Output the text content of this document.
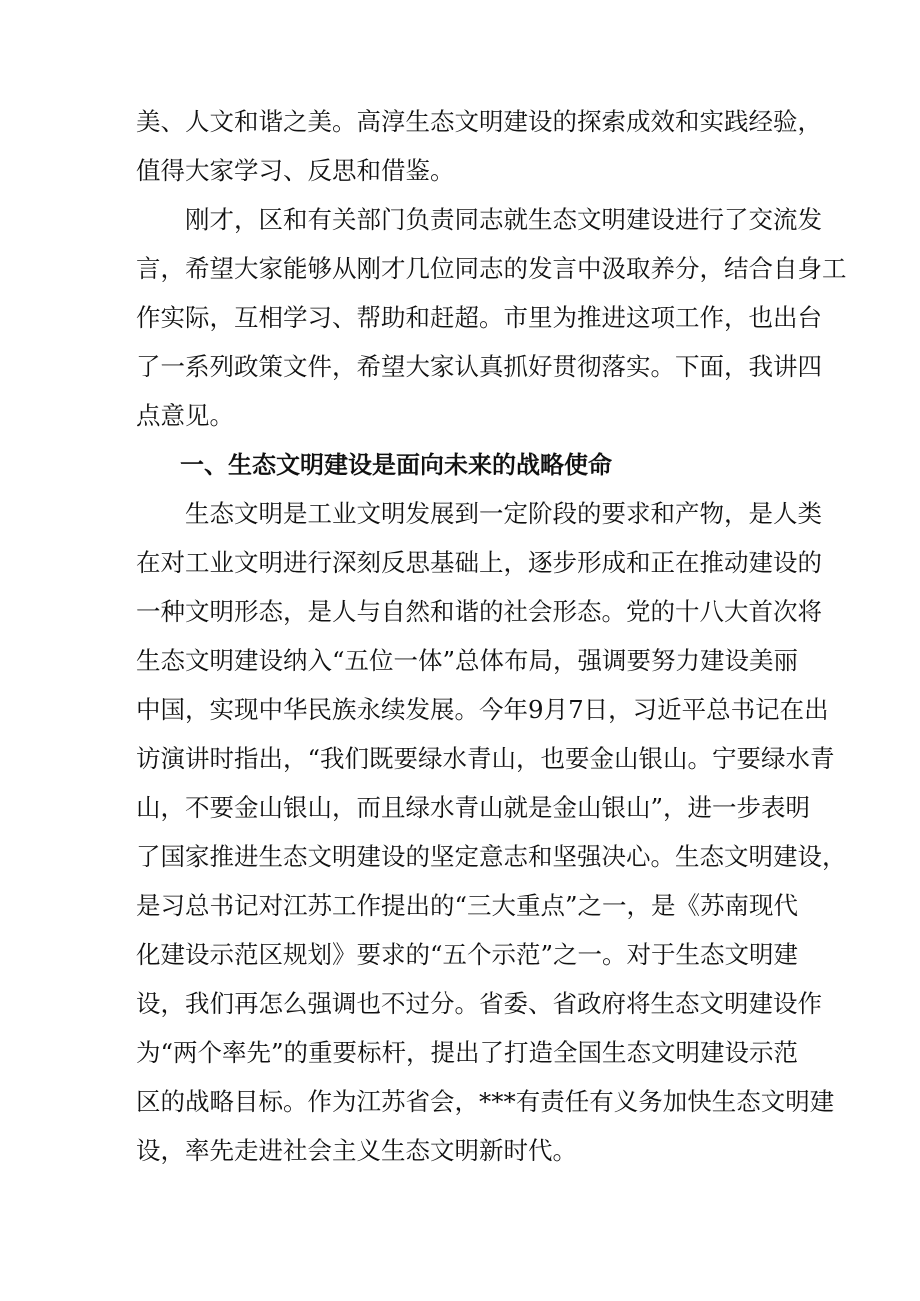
美、人文和谐之美。高淳生态文明建设的探索成效和实践经验，
值得大家学习、反思和借鉴。
　　刚才，区和有关部门负责同志就生态文明建设进行了交流发
言，希望大家能够从刚才几位同志的发言中汲取养分，结合自身工
作实际，互相学习、帮助和赶超。市里为推进这项工作，也出台
了一系列政策文件，希望大家认真抓好贯彻落实。下面，我讲四
点意见。
一、生态文明建设是面向未来的战略使命
　　生态文明是工业文明发展到一定阶段的要求和产物，是人类
在对工业文明进行深刻反思基础上，逐步形成和正在推动建设的
一种文明形态，是人与自然和谐的社会形态。党的十八大首次将
生态文明建设纳入“五位一体”总体布局，强调要努力建设美丽
中国，实现中华民族永续发展。今年9月7日，习近平总书记在出
访演讲时指出，“我们既要绿水青山，也要金山银山。宁要绿水青
山，不要金山银山，而且绿水青山就是金山银山”，进一步表明
了国家推进生态文明建设的坚定意志和坚强决心。生态文明建设，
是习总书记对江苏工作提出的“三大重点”之一，是《苏南现代
化建设示范区规划》要求的“五个示范”之一。对于生态文明建
设，我们再怎么强调也不过分。省委、省政府将生态文明建设作
为“两个率先”的重要标杆，提出了打造全国生态文明建设示范
区的战略目标。作为江苏省会，***有责任有义务加快生态文明建
设，率先走进社会主义生态文明新时代。
